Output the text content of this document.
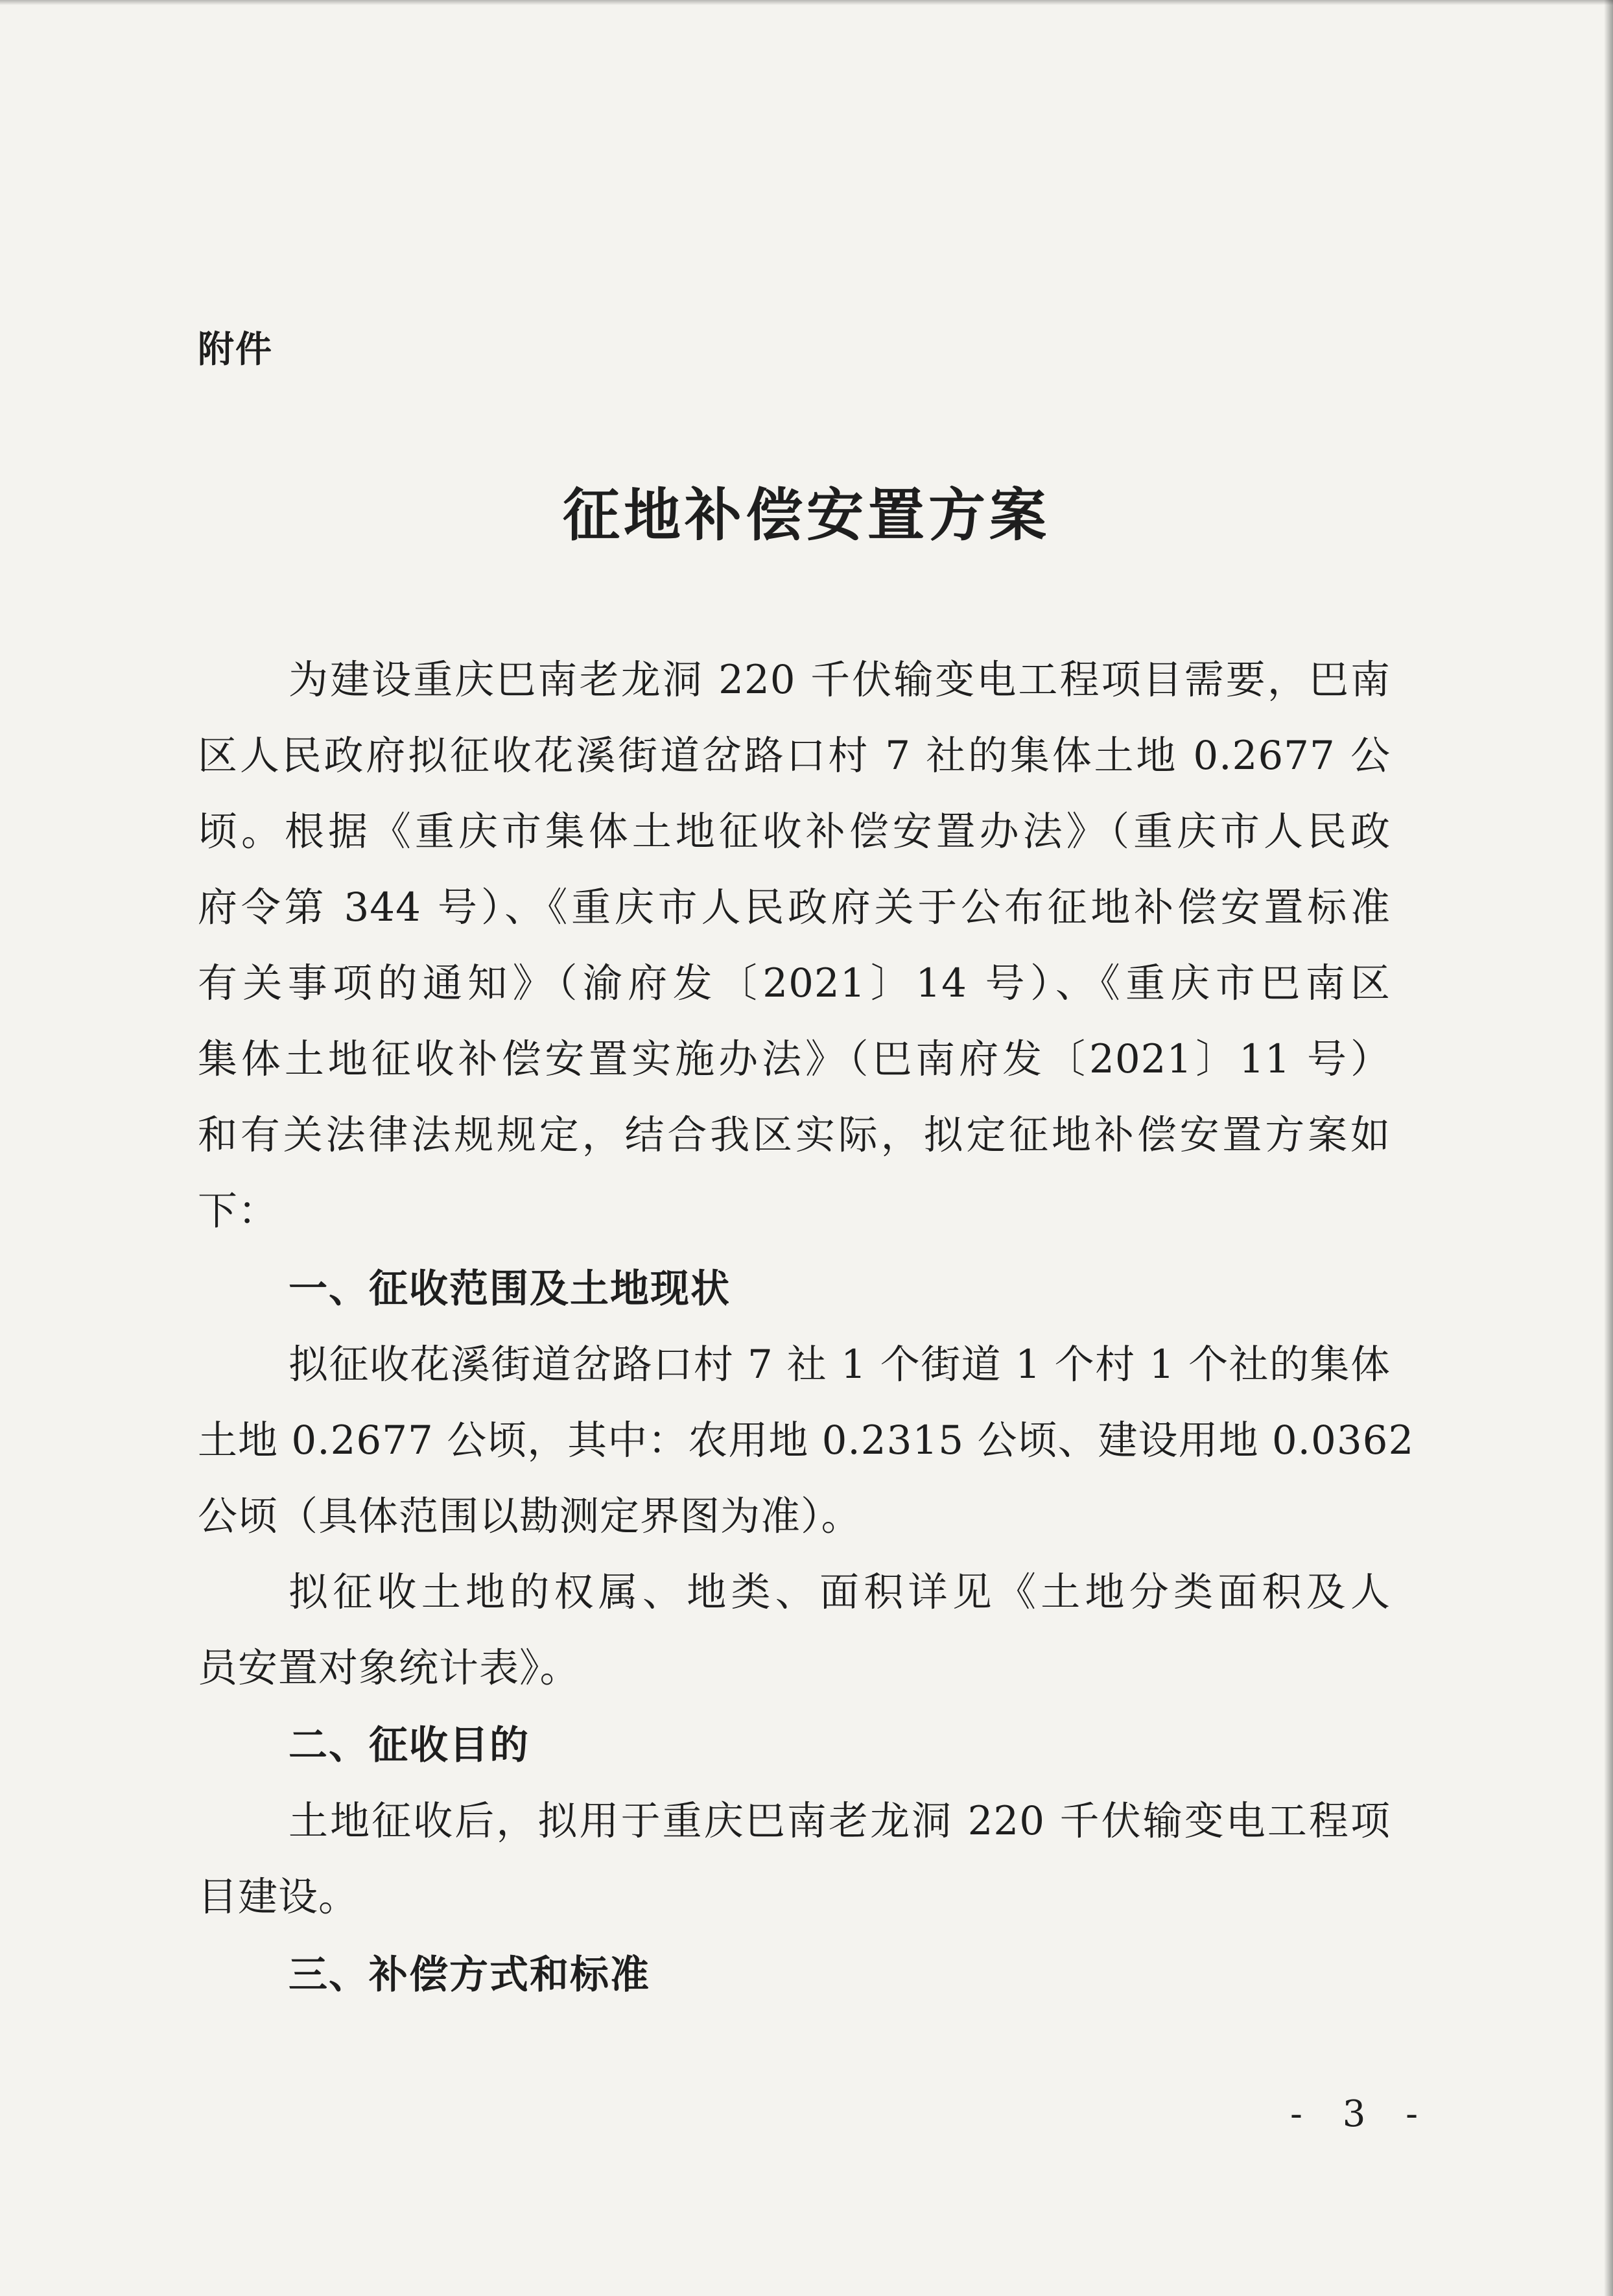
附件
征地补偿安置方案
为建设重庆巴南老龙洞 220 千伏输变电工程项目需要，巴南
区人民政府拟征收花溪街道岔路口村 7 社的集体土地 0.2677 公
顷。根据《重庆市集体土地征收补偿安置办法》（重庆市人民政
府令第 344 号）、《重庆市人民政府关于公布征地补偿安置标准
有关事项的通知》（渝府发〔2021〕14 号）、《重庆市巴南区
集体土地征收补偿安置实施办法》（巴南府发〔2021〕11 号）
和有关法律法规规定，结合我区实际，拟定征地补偿安置方案如
下：
一、征收范围及土地现状
拟征收花溪街道岔路口村 7 社 1 个街道 1 个村 1 个社的集体
土地 0.2677 公顷，其中：农用地 0.2315 公顷、建设用地 0.0362
公顷（具体范围以勘测定界图为准）。
拟征收土地的权属、地类、面积详见《土地分类面积及人
员安置对象统计表》。
二、征收目的
土地征收后，拟用于重庆巴南老龙洞 220 千伏输变电工程项
目建设。
三、补偿方式和标准
- 3 -
